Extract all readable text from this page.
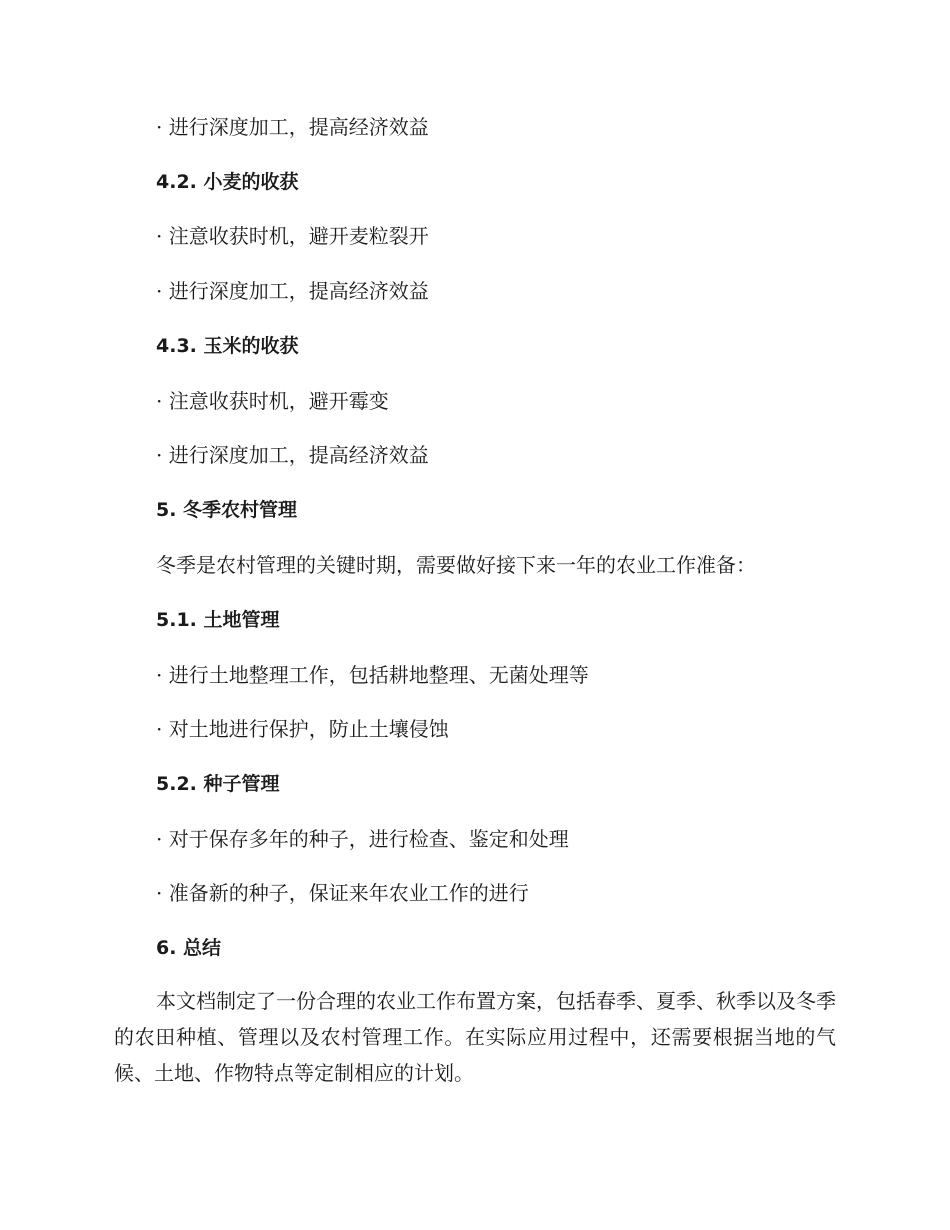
· 进行深度加工，提高经济效益
4.2. 小麦的收获
· 注意收获时机，避开麦粒裂开
· 进行深度加工，提高经济效益
4.3. 玉米的收获
· 注意收获时机，避开霉变
· 进行深度加工，提高经济效益
5. 冬季农村管理
冬季是农村管理的关键时期，需要做好接下来一年的农业工作准备：
5.1. 土地管理
· 进行土地整理工作，包括耕地整理、无菌处理等
· 对土地进行保护，防止土壤侵蚀
5.2. 种子管理
· 对于保存多年的种子，进行检查、鉴定和处理
· 准备新的种子，保证来年农业工作的进行
6. 总结
本文档制定了一份合理的农业工作布置方案，包括春季、夏季、秋季以及冬季的农田种植、管理以及农村管理工作。在实际应用过程中，还需要根据当地的气候、土地、作物特点等定制相应的计划。
